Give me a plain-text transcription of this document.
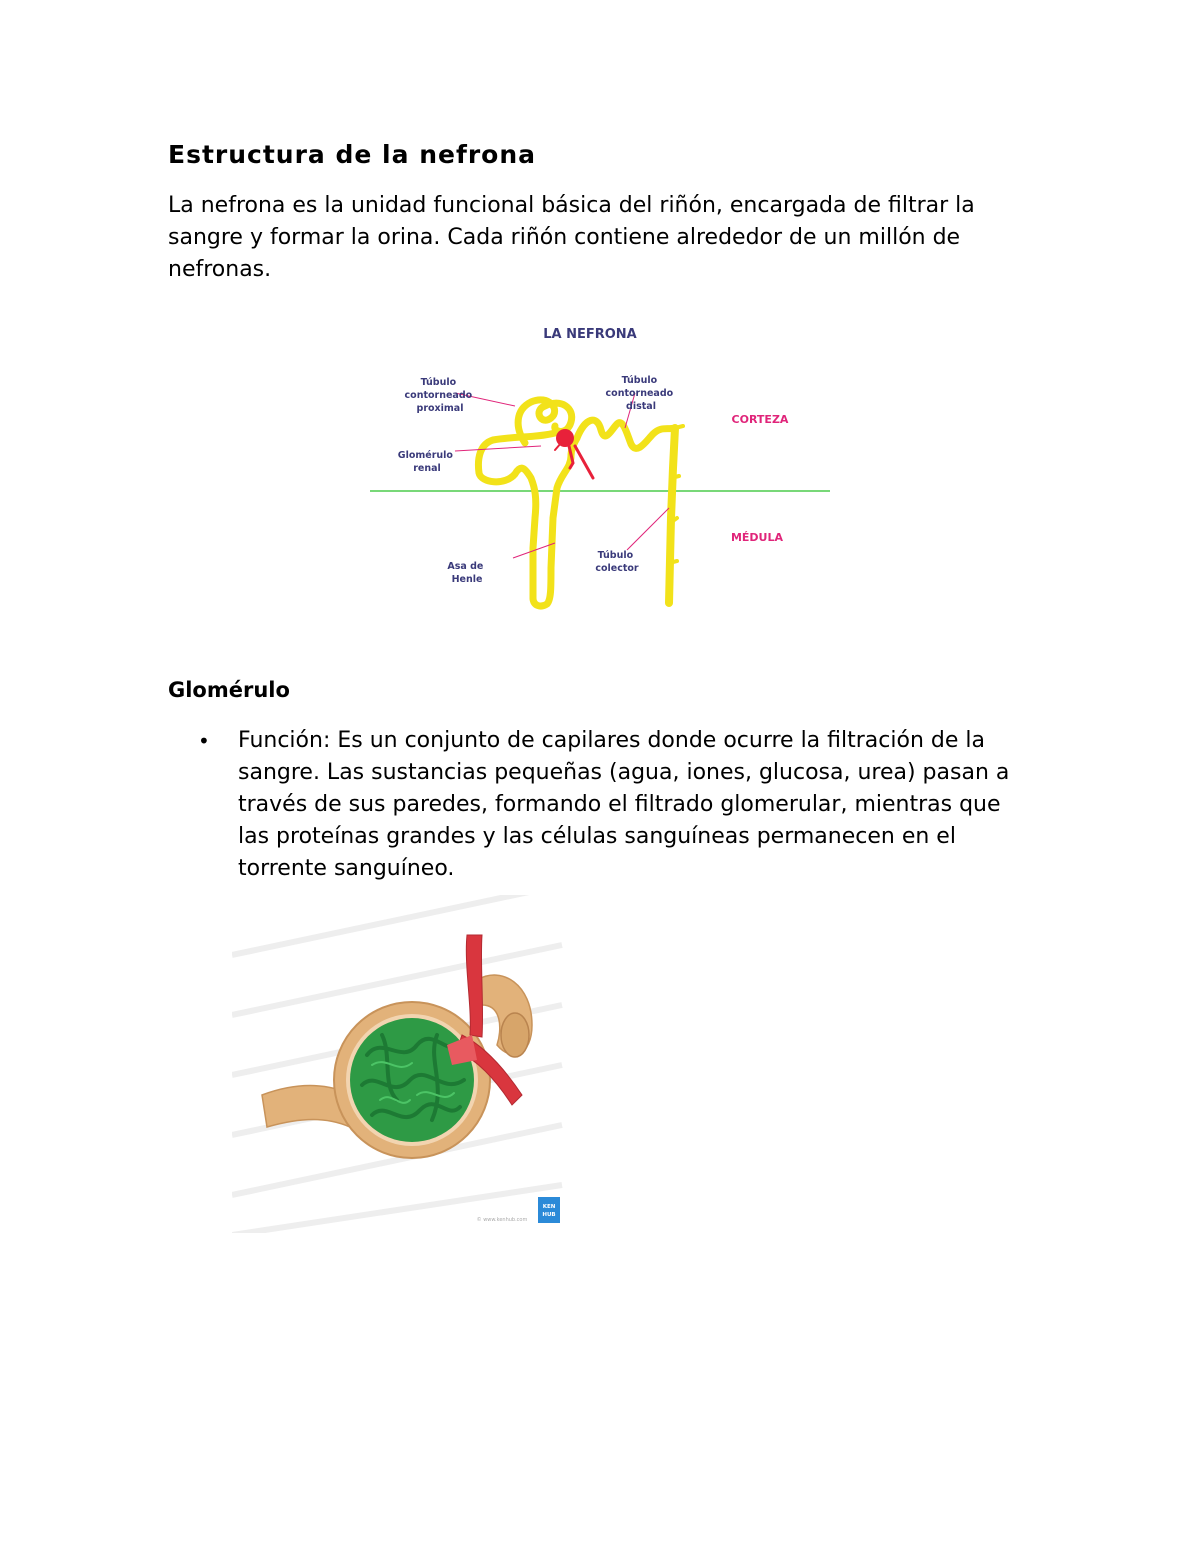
Estructura de la nefrona

La nefrona es la unidad funcional básica del riñón, encargada de filtrar la sangre y formar la orina. Cada riñón contiene alrededor de un millón de nefronas.

LA NEFRONA
Túbulo contorneado proximal
Glomérulo renal
Asa de Henle
Túbulo contorneado distal
Túbulo colector
CORTEZA
MÉDULA
Glomérulo
• Función: Es un conjunto de capilares donde ocurre la filtración de la sangre. Las sustancias pequeñas (agua, iones, glucosa, urea) pasan a través de sus paredes, formando el filtrado glomerular, mientras que las proteínas grandes y las células sanguíneas permanecen en el torrente sanguíneo.
KEN
HUB
© www.kenhub.com
